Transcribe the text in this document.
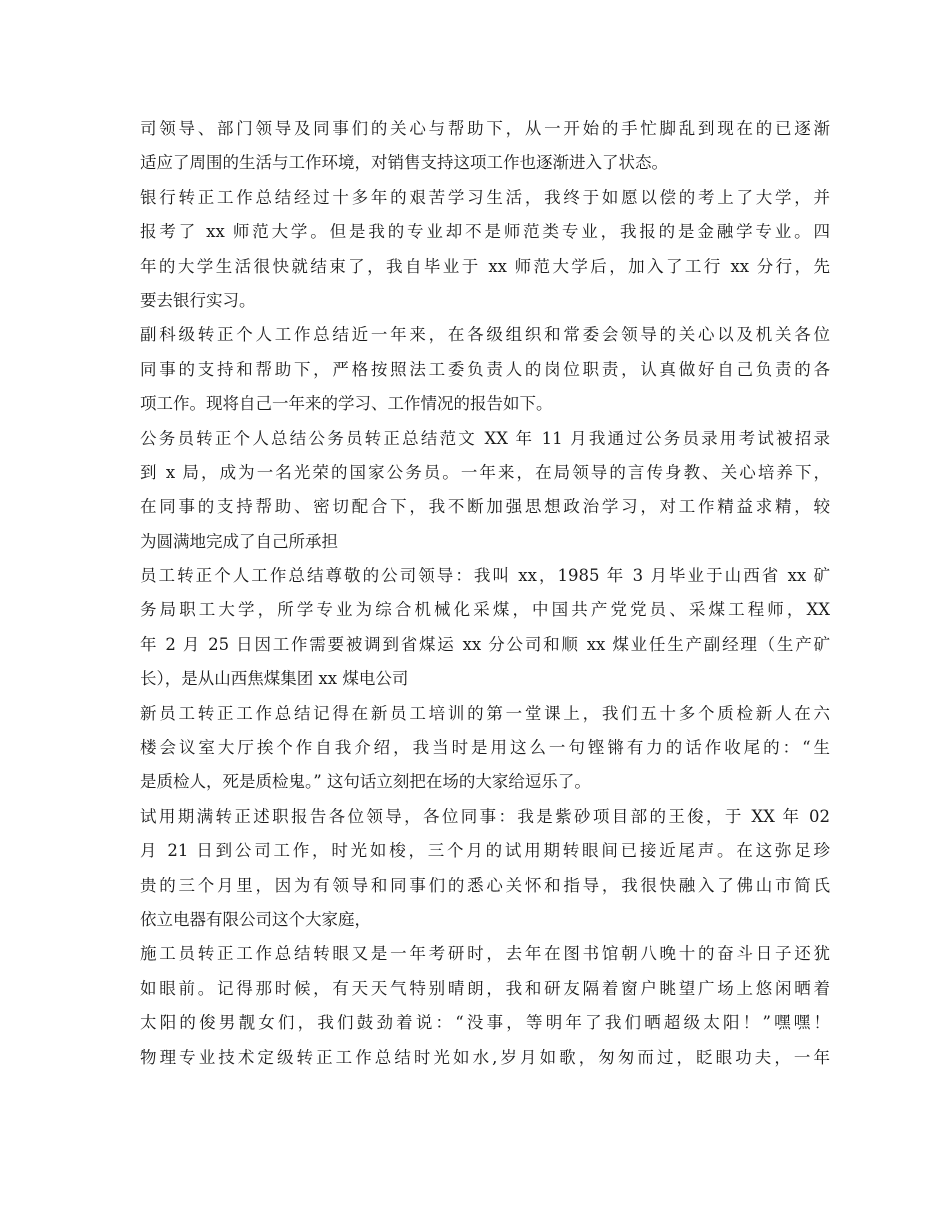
司领导、部门领导及同事们的关心与帮助下，从一开始的手忙脚乱到现在的已逐渐
适应了周围的生活与工作环境，对销售支持这项工作也逐渐进入了状态。
银行转正工作总结经过十多年的艰苦学习生活，我终于如愿以偿的考上了大学，并
报考了 xx 师范大学。但是我的专业却不是师范类专业，我报的是金融学专业。四
年的大学生活很快就结束了，我自毕业于 xx 师范大学后，加入了工行 xx 分行，先
要去银行实习。
副科级转正个人工作总结近一年来，在各级组织和常委会领导的关心以及机关各位
同事的支持和帮助下，严格按照法工委负责人的岗位职责，认真做好自己负责的各
项工作。现将自己一年来的学习、工作情况的报告如下。
公务员转正个人总结公务员转正总结范文 XX 年 11 月我通过公务员录用考试被招录
到 x 局，成为一名光荣的国家公务员。一年来，在局领导的言传身教、关心培养下，
在同事的支持帮助、密切配合下，我不断加强思想政治学习，对工作精益求精，较
为圆满地完成了自己所承担
员工转正个人工作总结尊敬的公司领导：我叫 xx，1985 年 3 月毕业于山西省 xx 矿
务局职工大学，所学专业为综合机械化采煤，中国共产党党员、采煤工程师，XX
年 2 月 25 日因工作需要被调到省煤运 xx 分公司和顺 xx 煤业任生产副经理（生产矿
长），是从山西焦煤集团 xx 煤电公司
新员工转正工作总结记得在新员工培训的第一堂课上，我们五十多个质检新人在六
楼会议室大厅挨个作自我介绍，我当时是用这么一句铿锵有力的话作收尾的：“生
是质检人，死是质检鬼。” 这句话立刻把在场的大家给逗乐了。
试用期满转正述职报告各位领导，各位同事：我是紫砂项目部的王俊，于 XX 年 02
月 21 日到公司工作，时光如梭，三个月的试用期转眼间已接近尾声。在这弥足珍
贵的三个月里，因为有领导和同事们的悉心关怀和指导，我很快融入了佛山市简氏
依立电器有限公司这个大家庭，
施工员转正工作总结转眼又是一年考研时，去年在图书馆朝八晚十的奋斗日子还犹
如眼前。记得那时候，有天天气特别晴朗，我和研友隔着窗户眺望广场上悠闲晒着
太阳的俊男靓女们，我们鼓劲着说：“没事，等明年了我们晒超级太阳！”嘿嘿！
物理专业技术定级转正工作总结时光如水,岁月如歌，匆匆而过，眨眼功夫，一年
